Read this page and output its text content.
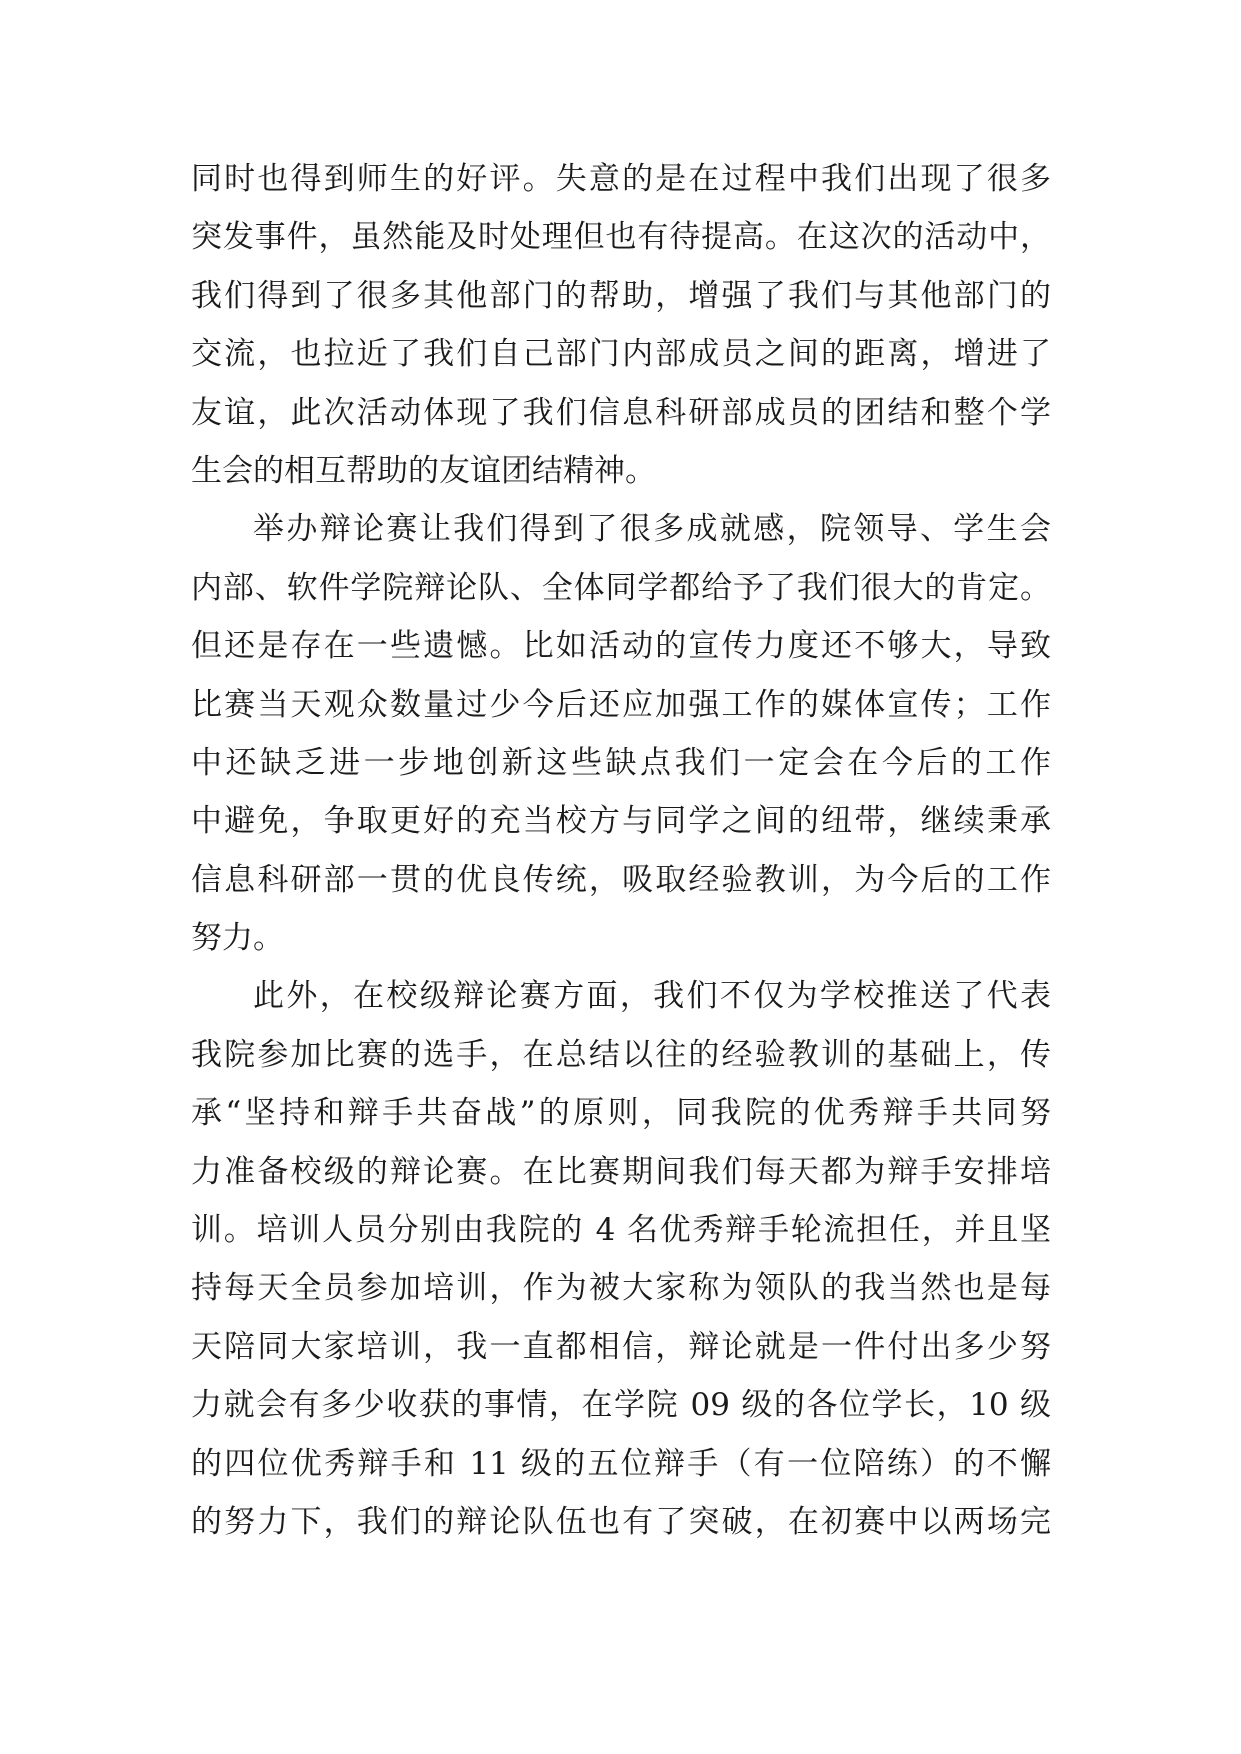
同时也得到师生的好评。失意的是在过程中我们出现了很多
突发事件，虽然能及时处理但也有待提高。在这次的活动中，
我们得到了很多其他部门的帮助，增强了我们与其他部门的
交流，也拉近了我们自己部门内部成员之间的距离，增进了
友谊，此次活动体现了我们信息科研部成员的团结和整个学
生会的相互帮助的友谊团结精神。
举办辩论赛让我们得到了很多成就感，院领导、学生会
内部、软件学院辩论队、全体同学都给予了我们很大的肯定。
但还是存在一些遗憾。比如活动的宣传力度还不够大，导致
比赛当天观众数量过少今后还应加强工作的媒体宣传；工作
中还缺乏进一步地创新这些缺点我们一定会在今后的工作
中避免，争取更好的充当校方与同学之间的纽带，继续秉承
信息科研部一贯的优良传统，吸取经验教训，为今后的工作
努力。
此外，在校级辩论赛方面，我们不仅为学校推送了代表
我院参加比赛的选手，在总结以往的经验教训的基础上，传
承“坚持和辩手共奋战”的原则，同我院的优秀辩手共同努
力准备校级的辩论赛。在比赛期间我们每天都为辩手安排培
训。培训人员分别由我院的 4 名优秀辩手轮流担任，并且坚
持每天全员参加培训，作为被大家称为领队的我当然也是每
天陪同大家培训，我一直都相信，辩论就是一件付出多少努
力就会有多少收获的事情，在学院 09 级的各位学长，10 级
的四位优秀辩手和 11 级的五位辩手（有一位陪练）的不懈
的努力下，我们的辩论队伍也有了突破，在初赛中以两场完
